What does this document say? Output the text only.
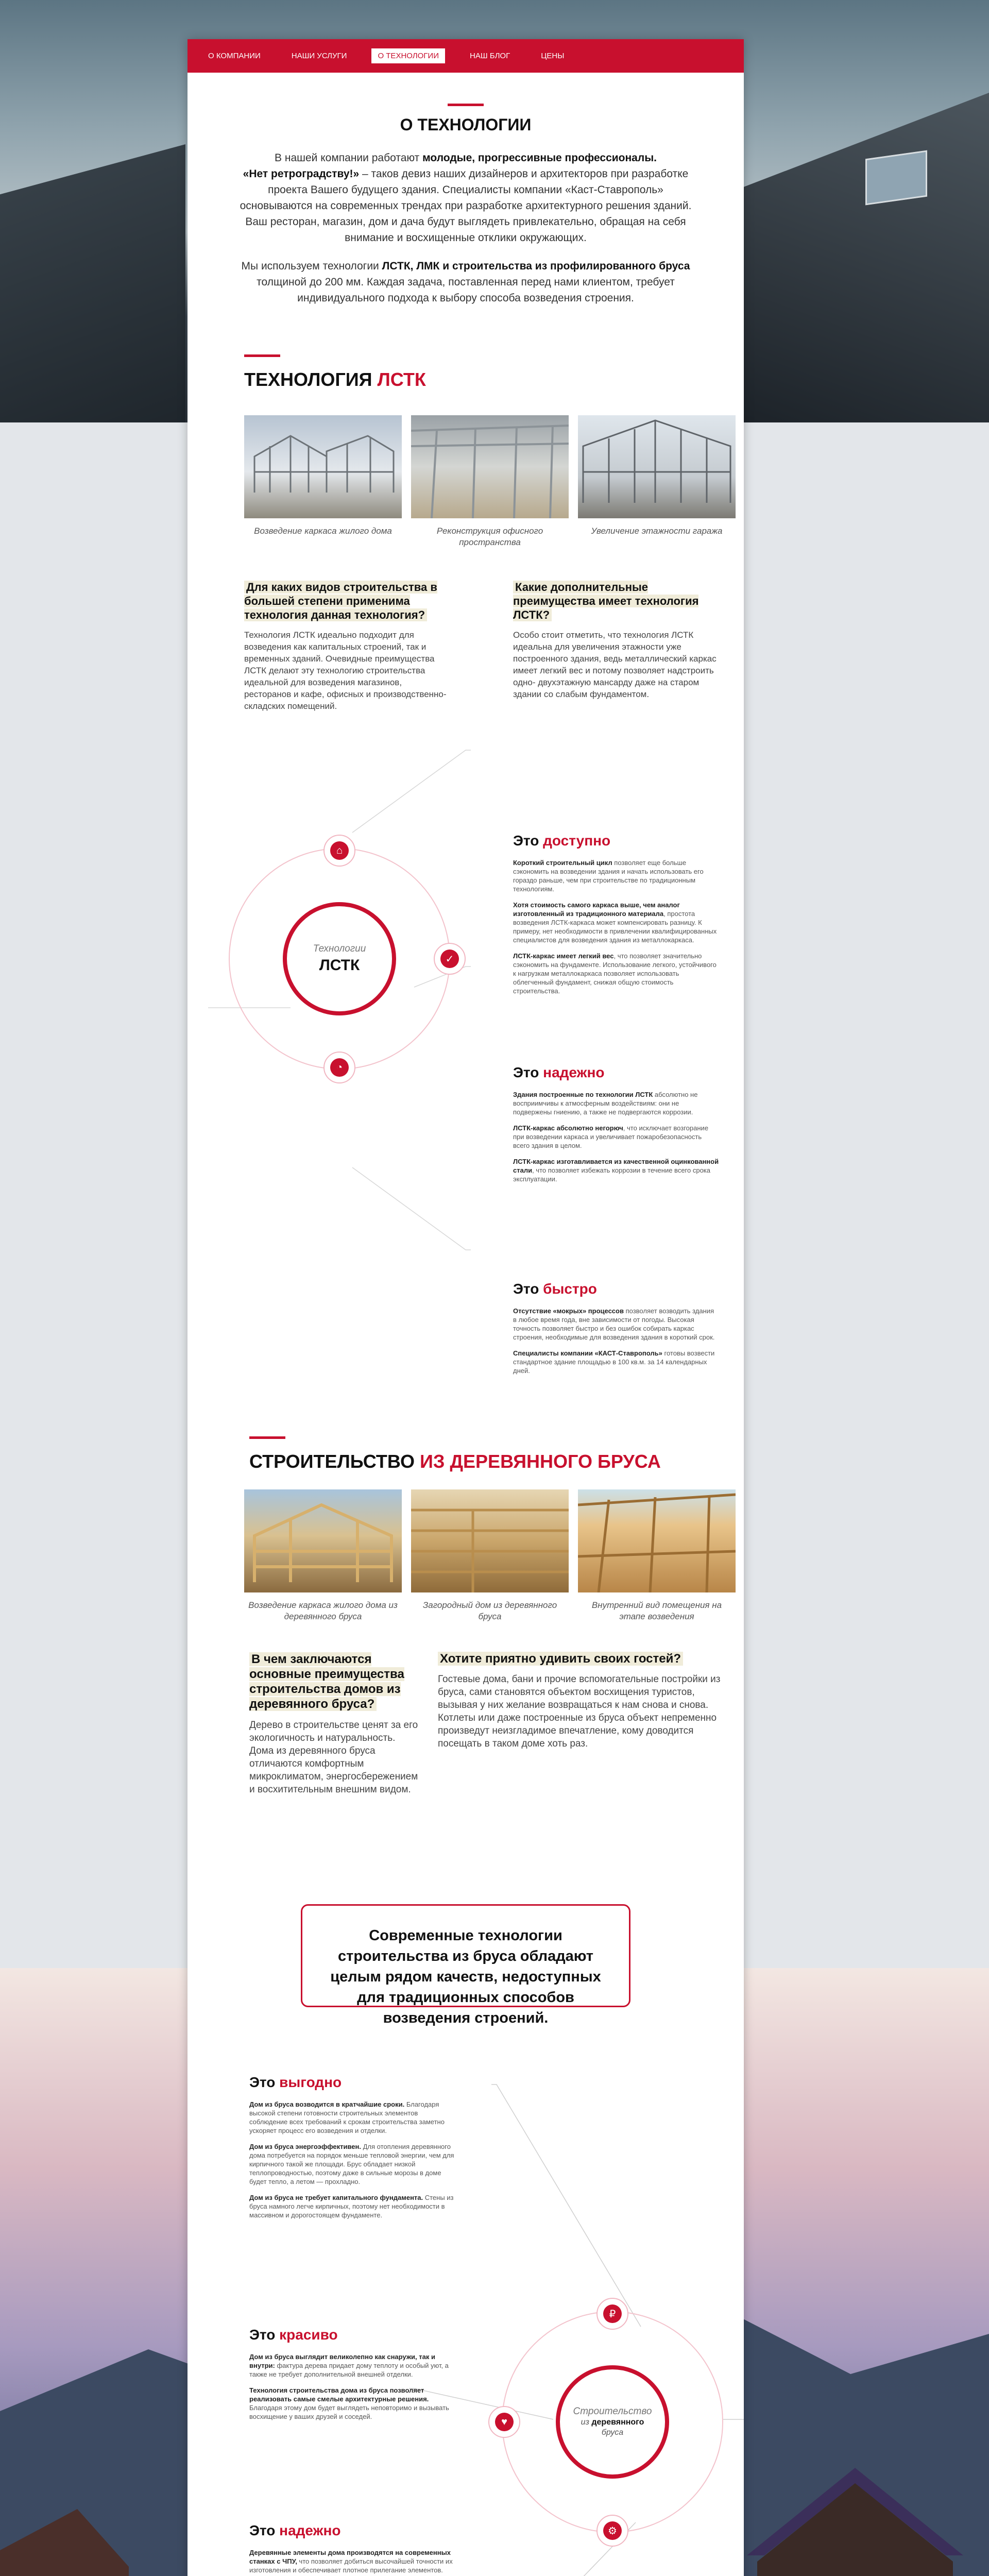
О КОМПАНИИ	НАШИ УСЛУГИ	О ТЕХНОЛОГИИ	НАШ БЛОГ	ЦЕНЫ
О ТЕХНОЛОГИИ

В нашей компании работают молодые, прогрессивные профессионалы.
«Нет ретроградству!» – таков девиз наших дизайнеров и архитекторов при разработке проекта Вашего будущего здания. Специалисты компании «Каст-Ставрополь» основываются на современных трендах при разработке архитектурного решения зданий. Ваш ресторан, магазин, дом и дача будут выглядеть привлекательно, обращая на себя внимание и восхищенные отклики окружающих.

Мы используем технологии ЛСТК, ЛМК и строительства из профилированного бруса толщиной до 200 мм. Каждая задача, поставленная перед нами клиентом, требует индивидуального подхода к выбору способа возведения строения.

ТЕХНОЛОГИЯ ЛСТК
Возведение каркаса жилого дома	Реконструкция офисного пространства
Увеличение этажности гаража
Для каких видов строительства в большей степени применима технология данная технология?
Технология ЛСТК идеально подходит для возведения как капитальных строений, так и временных зданий. Очевидные преимущества ЛСТК делают эту технологию строительства идеальной для возведения магазинов, ресторанов и кафе, офисных и производственно-складских помещений.
Какие дополнительные преимущества имеет технология ЛСТК?
Особо стоит отметить, что технология ЛСТК идеальна для увеличения этажности уже построенного здания, ведь металлический каркас имеет легкий вес и потому позволяет надстроить одно- двухэтажную мансарду даже на старом здании со слабым фундаментом.
Технологии
ЛСТК
⌂
✓
◔
Это доступно

Короткий строительный цикл позволяет еще больше сэкономить на возведении здания и начать использовать его гораздо раньше, чем при строительстве по традиционным технологиям.

Хотя стоимость самого каркаса выше, чем аналог изготовленный из традиционного материала, простота возведения ЛСТК-каркаса может компенсировать разницу. К примеру, нет необходимости в привлечении квалифицированных специалистов для возведения здания из металлокаркаса.

ЛСТК-каркас имеет легкий вес, что позволяет значительно сэкономить на фундаменте. Использование легкого, устойчивого к нагрузкам металлокаркаса позволяет использовать облегченный фундамент, снижая общую стоимость строительства.

Это надежно

Здания построенные по технологии ЛСТК абсолютно не восприимчивы к атмосферным воздействиям: они не подвержены гниению, а также не подвергаются коррозии.

ЛСТК-каркас абсолютно негорюч, что исключает возгорание при возведении каркаса и увеличивает пожаробезопасность всего здания в целом.

ЛСТК-каркас изготавливается из качественной оцинкованной стали, что позволяет избежать коррозии в течение всего срока эксплуатации.

Это быстро

Отсутствие «мокрых» процессов позволяет возводить здания в любое время года, вне зависимости от погоды. Высокая точность позволяет быстро и без ошибок собирать каркас строения, необходимые для возведения здания в короткий срок.

Специалисты компании «КАСТ-Ставрополь» готовы возвести стандартное здание площадью в 100 кв.м. за 14 календарных дней.

СТРОИТЕЛЬСТВО ИЗ ДЕРЕВЯННОГО БРУСА
Возведение каркаса жилого дома из деревянного бруса
Загородный дом из деревянного бруса
Внутренний вид помещения на этапе возведения
В чем заключаются основные преимущества строительства домов из деревянного бруса?
Дерево в строительстве ценят за его экологичность и натуральность. Дома из деревянного бруса отличаются комфортным микроклиматом, энергосбережением и восхитительным внешним видом.
Хотите приятно удивить своих гостей?
Гостевые дома, бани и прочие вспомогательные постройки из бруса, сами становятся объектом восхищения туристов, вызывая у них желание возвращаться к нам снова и снова. Котлеты или даже построенные из бруса объект непременно произведут неизгладимое впечатление, кому доводится посещать в таком доме хоть раз.

Современные технологии строительства из бруса обладают целым рядом качеств, недоступных для традиционных способов возведения строений.

Строительство
из деревянного
бруса
₽
♥
⚙
Это выгодно

Дом из бруса возводится в кратчайшие сроки. Благодаря высокой степени готовности строительных элементов соблюдение всех требований к срокам строительства заметно ускоряет процесс его возведения и отделки.

Дом из бруса энергоэффективен. Для отопления деревянного дома потребуется на порядок меньше тепловой энергии, чем для кирпичного такой же площади. Брус обладает низкой теплопроводностью, поэтому даже в сильные морозы в доме будет тепло, а летом — прохладно.

Дом из бруса не требует капитального фундамента. Стены из бруса намного легче кирпичных, поэтому нет необходимости в массивном и дорогостоящем фундаменте.

Это красиво

Дом из бруса выглядит великолепно как снаружи, так и внутри: фактура дерева придает дому теплоту и особый уют, а также не требует дополнительной внешней отделки.

Технология строительства дома из бруса позволяет реализовать самые смелые архитектурные решения. Благодаря этому дом будет выглядеть неповторимо и вызывать восхищение у ваших друзей и соседей.

Это надежно

Деревянные элементы дома производятся на современных станках с ЧПУ, что позволяет добиться высочайшей точности их изготовления и обеспечивает плотное прилегание элементов.
